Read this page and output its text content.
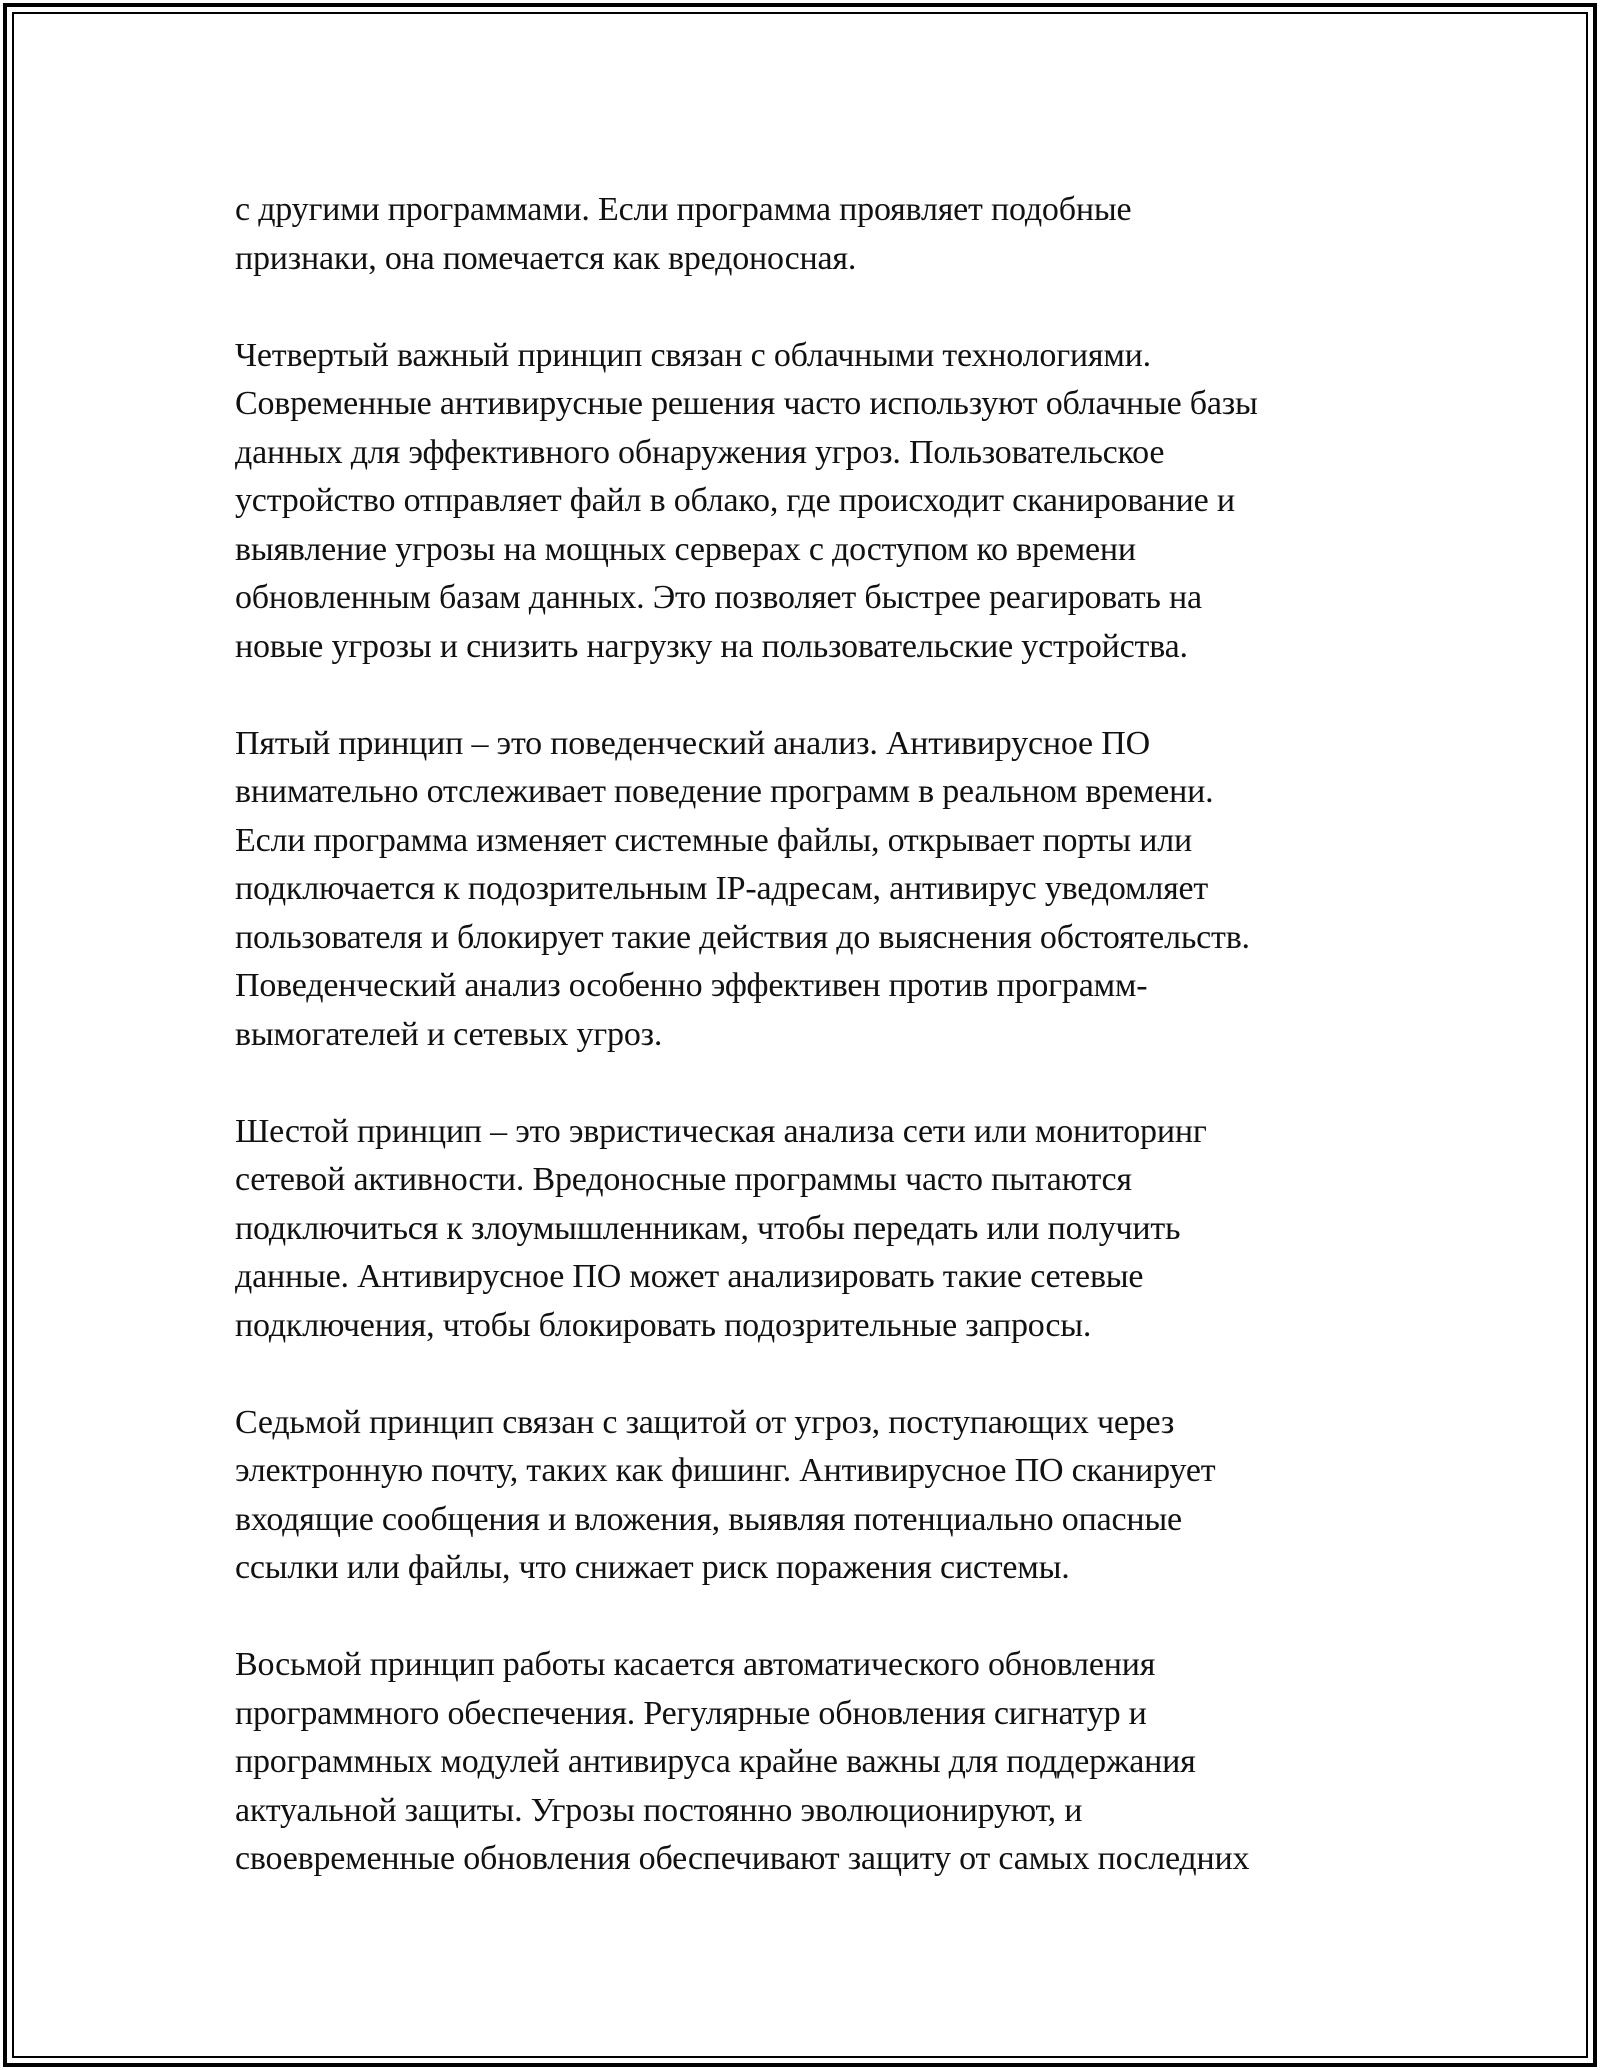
с другими программами. Если программа проявляет подобные
признаки, она помечается как вредоносная.

Четвертый важный принцип связан с облачными технологиями.
Современные антивирусные решения часто используют облачные базы
данных для эффективного обнаружения угроз. Пользовательское
устройство отправляет файл в облако, где происходит сканирование и
выявление угрозы на мощных серверах с доступом ко времени
обновленным базам данных. Это позволяет быстрее реагировать на
новые угрозы и снизить нагрузку на пользовательские устройства.

Пятый принцип – это поведенческий анализ. Антивирусное ПО
внимательно отслеживает поведение программ в реальном времени.
Если программа изменяет системные файлы, открывает порты или
подключается к подозрительным IP-адресам, антивирус уведомляет
пользователя и блокирует такие действия до выяснения обстоятельств.
Поведенческий анализ особенно эффективен против программ-
вымогателей и сетевых угроз.

Шестой принцип – это эвристическая анализа сети или мониторинг
сетевой активности. Вредоносные программы часто пытаются
подключиться к злоумышленникам, чтобы передать или получить
данные. Антивирусное ПО может анализировать такие сетевые
подключения, чтобы блокировать подозрительные запросы.

Седьмой принцип связан с защитой от угроз, поступающих через
электронную почту, таких как фишинг. Антивирусное ПО сканирует
входящие сообщения и вложения, выявляя потенциально опасные
ссылки или файлы, что снижает риск поражения системы.

Восьмой принцип работы касается автоматического обновления
программного обеспечения. Регулярные обновления сигнатур и
программных модулей антивируса крайне важны для поддержания
актуальной защиты. Угрозы постоянно эволюционируют, и
своевременные обновления обеспечивают защиту от самых последних
